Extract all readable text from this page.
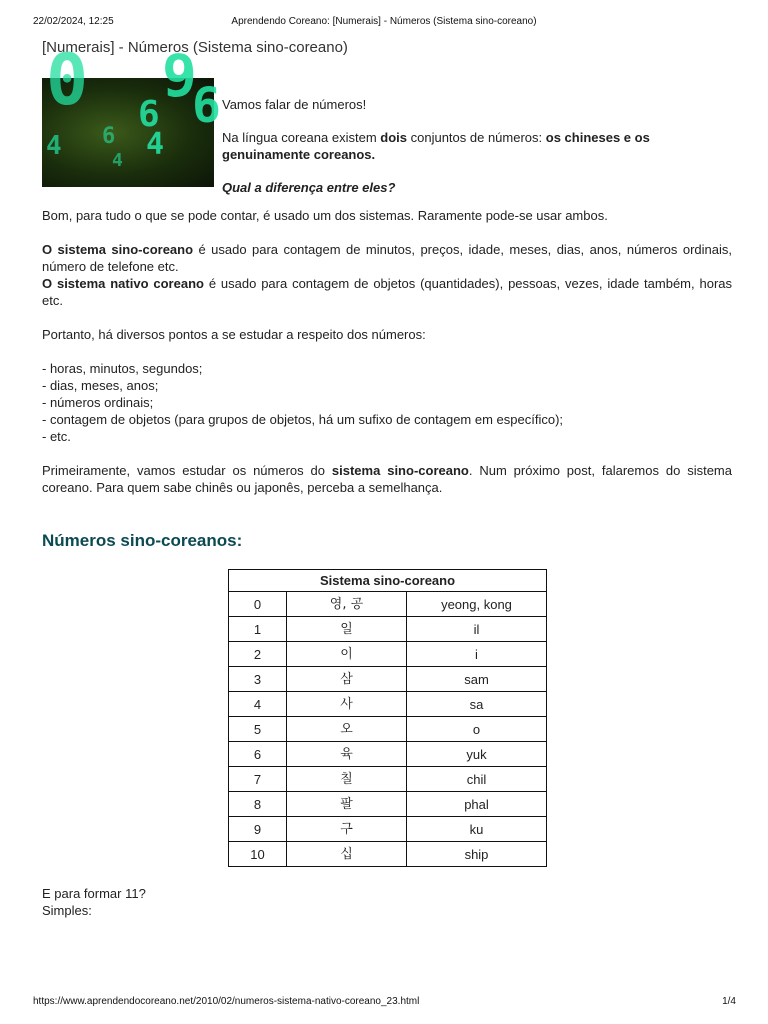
22/02/2024, 12:25	Aprendendo Coreano: [Numerais] - Números (Sistema sino-coreano)
[Numerais] - Números (Sistema sino-coreano)
9
6
6
4
6
4
0
4

Vamos falar de números!

Na língua coreana existem dois conjuntos de números: os chineses e os genuinamente coreanos.

Qual a diferença entre eles?

Bom, para tudo o que se pode contar, é usado um dos sistemas. Raramente pode-se usar ambos.

O sistema sino-coreano é usado para contagem de minutos, preços, idade, meses, dias, anos, números ordinais, número de telefone etc.

O sistema nativo coreano é usado para contagem de objetos (quantidades), pessoas, vezes, idade também, horas etc.

Portanto, há diversos pontos a se estudar a respeito dos números:

- horas, minutos, segundos;
- dias, meses, anos;
- números ordinais;
- contagem de objetos (para grupos de objetos, há um sufixo de contagem em específico);
- etc.

Primeiramente, vamos estudar os números do sistema sino-coreano. Num próximo post, falaremos do sistema coreano. Para quem sabe chinês ou japonês, perceba a semelhança.

Números sino-coreanos:
Sistema sino-coreano		
0	영, 공	yeong, kong
1	일	il
2	이	i
3	삼	sam
4	사	sa
5	오	o
6	육	yuk
7	칠	chil
8	팔	phal
9	구	ku
10	십	ship
E para formar 11?
Simples:
https://www.aprendendocoreano.net/2010/02/numeros-sistema-nativo-coreano_23.html	1/4
